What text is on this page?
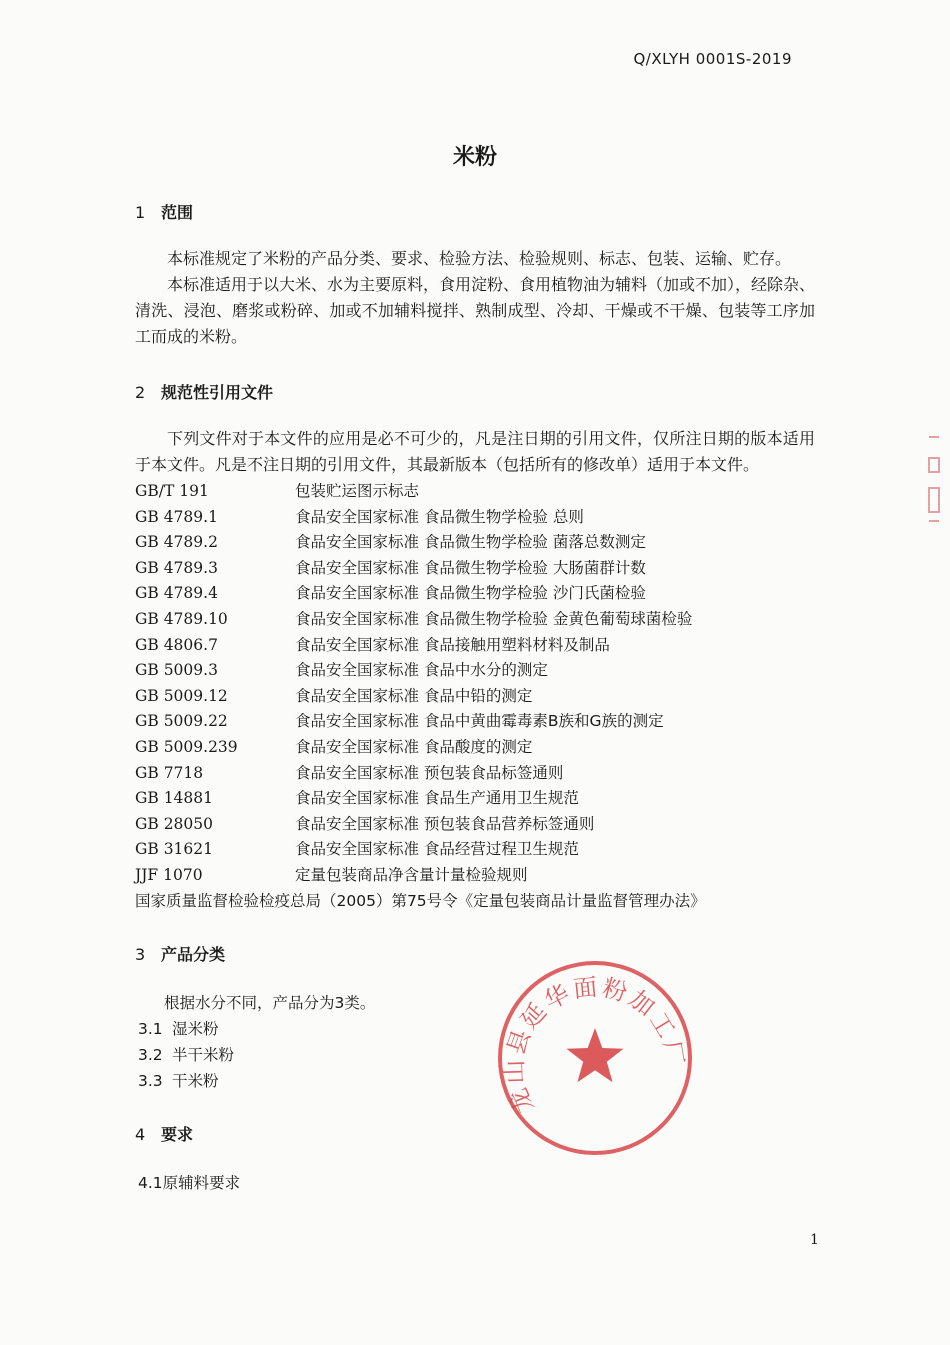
Q/XLYH 0001S-2019
米粉
1 范围
本标准规定了米粉的产品分类、要求、检验方法、检验规则、标志、包装、运输、贮存。
本标准适用于以大米、水为主要原料，食用淀粉、食用植物油为辅料（加或不加），经除杂、清洗、浸泡、磨浆或粉碎、加或不加辅料搅拌、熟制成型、冷却、干燥或不干燥、包装等工序加工而成的米粉。
2 规范性引用文件
下列文件对于本文件的应用是必不可少的，凡是注日期的引用文件，仅所注日期的版本适用于本文件。凡是不注日期的引用文件，其最新版本（包括所有的修改单）适用于本文件。
GB/T 191	包装贮运图示标志
GB 4789.1	食品安全国家标准 食品微生物学检验 总则
GB 4789.2	食品安全国家标准 食品微生物学检验 菌落总数测定
GB 4789.3	食品安全国家标准 食品微生物学检验 大肠菌群计数
GB 4789.4	食品安全国家标准 食品微生物学检验 沙门氏菌检验
GB 4789.10	食品安全国家标准 食品微生物学检验 金黄色葡萄球菌检验
GB 4806.7	食品安全国家标准 食品接触用塑料材料及制品
GB 5009.3	食品安全国家标准 食品中水分的测定
GB 5009.12	食品安全国家标准 食品中铅的测定
GB 5009.22	食品安全国家标准 食品中黄曲霉毒素B族和G族的测定
GB 5009.239	食品安全国家标准 食品酸度的测定
GB 7718	食品安全国家标准 预包装食品标签通则
GB 14881	食品安全国家标准 食品生产通用卫生规范
GB 28050	食品安全国家标准 预包装食品营养标签通则
GB 31621	食品安全国家标准 食品经营过程卫生规范
JJF 1070	定量包装商品净含量计量检验规则
国家质量监督检验检疫总局（2005）第75号令《定量包装商品计量监督管理办法》
3 产品分类
根据水分不同，产品分为3类。
3.1 湿米粉
3.2 半干米粉
3.3 干米粉
4 要求
4.1原辅料要求
1
龙山县延华面粉加工厂
